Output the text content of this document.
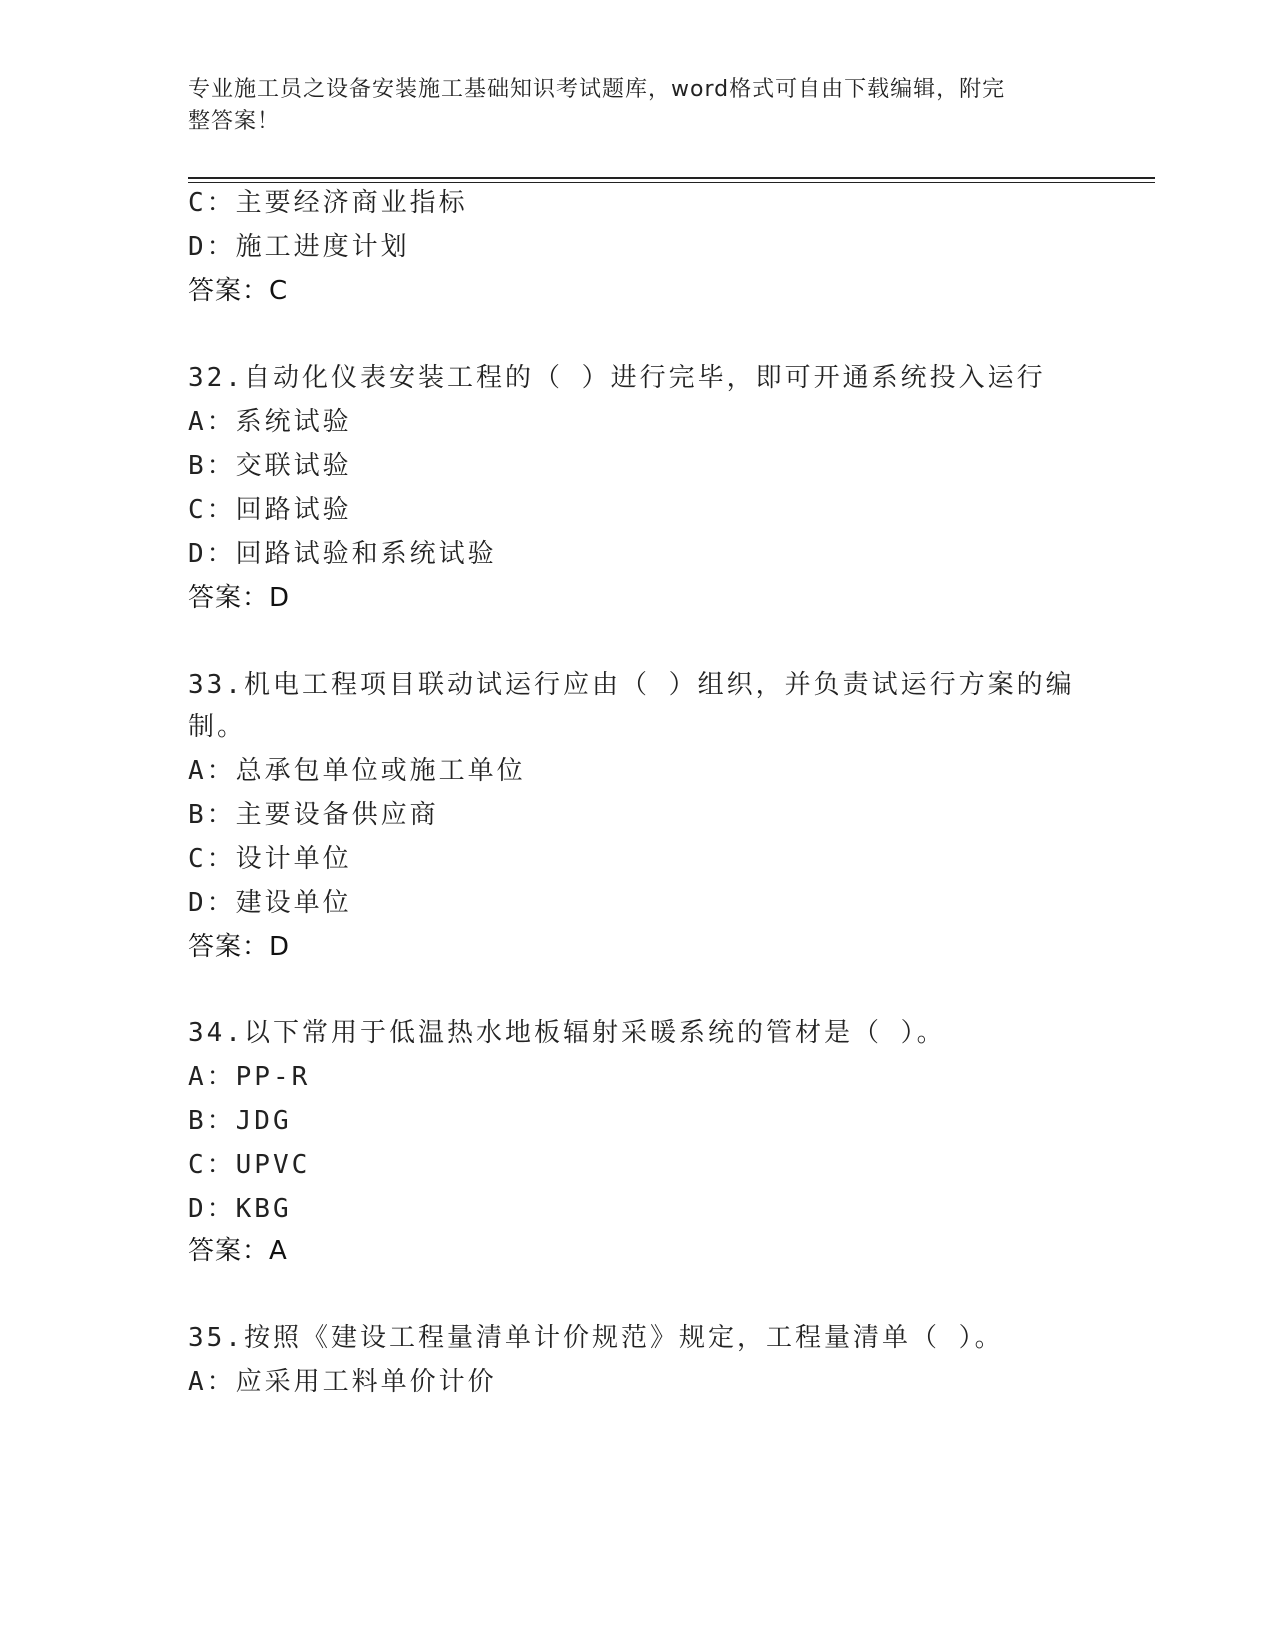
专业施工员之设备安装施工基础知识考试题库，word格式可自由下载编辑，附完
整答案！
C：主要经济商业指标
D：施工进度计划
答案：C
32.自动化仪表安装工程的（ ）进行完毕，即可开通系统投入运行
A：系统试验
B：交联试验
C：回路试验
D：回路试验和系统试验
答案：D
33.机电工程项目联动试运行应由（ ）组织，并负责试运行方案的编
制。
A：总承包单位或施工单位
B：主要设备供应商
C：设计单位
D：建设单位
答案：D
34.以下常用于低温热水地板辐射采暖系统的管材是（ ）。
A：PP-R
B：JDG
C：UPVC
D：KBG
答案：A
35.按照《建设工程量清单计价规范》规定，工程量清单（ ）。
A：应采用工料单价计价
